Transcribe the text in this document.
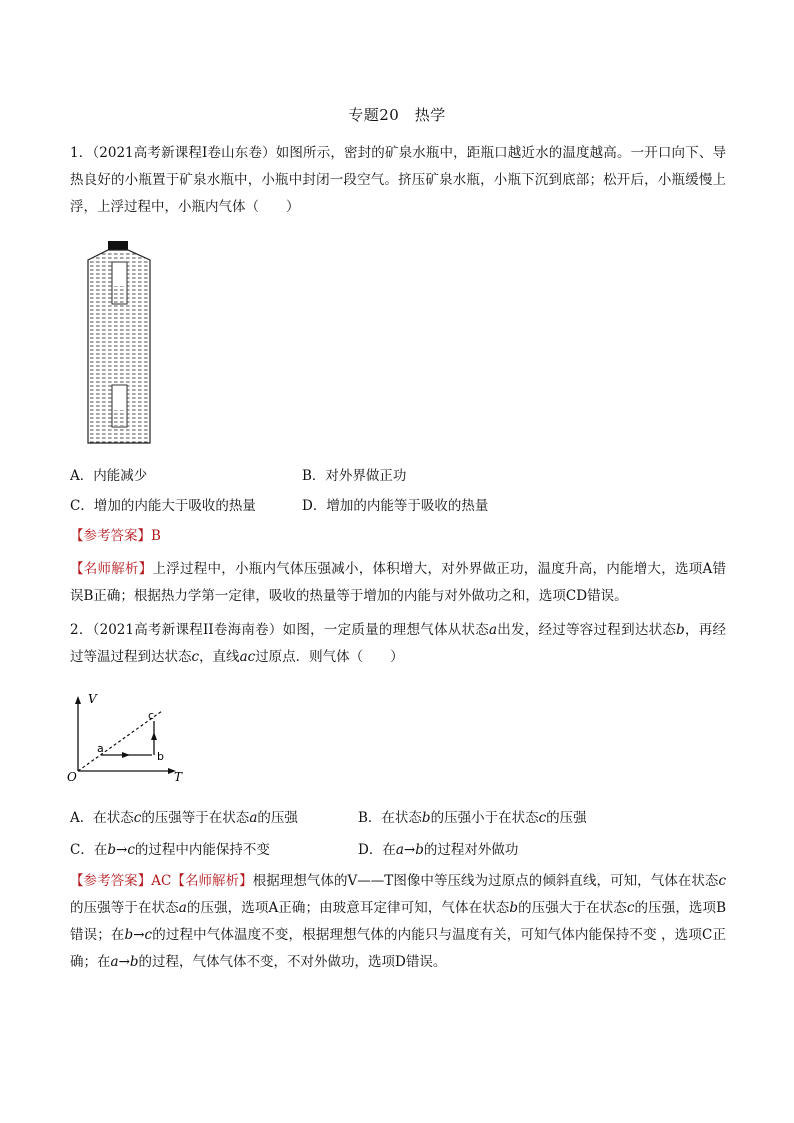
专题20　热学
1．（2021高考新课程I卷山东卷）如图所示，密封的矿泉水瓶中，距瓶口越近水的温度越高。一开口向下、导热良好的小瓶置于矿泉水瓶中，小瓶中封闭一段空气。挤压矿泉水瓶，小瓶下沉到底部；松开后，小瓶缓慢上浮，上浮过程中，小瓶内气体（　　）
A．内能减少	B．对外界做正功
C．增加的内能大于吸收的热量	D．增加的内能等于吸收的热量
【参考答案】B
【名师解析】上浮过程中，小瓶内气体压强减小，体积增大，对外界做正功，温度升高，内能增大，选项A错误B正确；根据热力学第一定律，吸收的热量等于增加的内能与对外做功之和，选项CD错误。
2．（2021高考新课程II卷海南卷）如图，一定质量的理想气体从状态a出发，经过等容过程到达状态b，再经过等温过程到达状态c，直线ac过原点．则气体（　　）
V
T
O
a
b
c
A．在状态c的压强等于在状态a的压强	B．在状态b的压强小于在状态c的压强
C．在b→c的过程中内能保持不变	D．在a→b的过程对外做功
【参考答案】AC【名师解析】根据理想气体的V——T图像中等压线为过原点的倾斜直线，可知，气体在状态c的压强等于在状态a的压强，选项A正确；由玻意耳定律可知，气体在状态b的压强大于在状态c的压强，选项B错误；在b→c的过程中气体温度不变，根据理想气体的内能只与温度有关，可知气体内能保持不变 ，选项C正确；在a→b的过程，气体气体不变，不对外做功，选项D错误。
